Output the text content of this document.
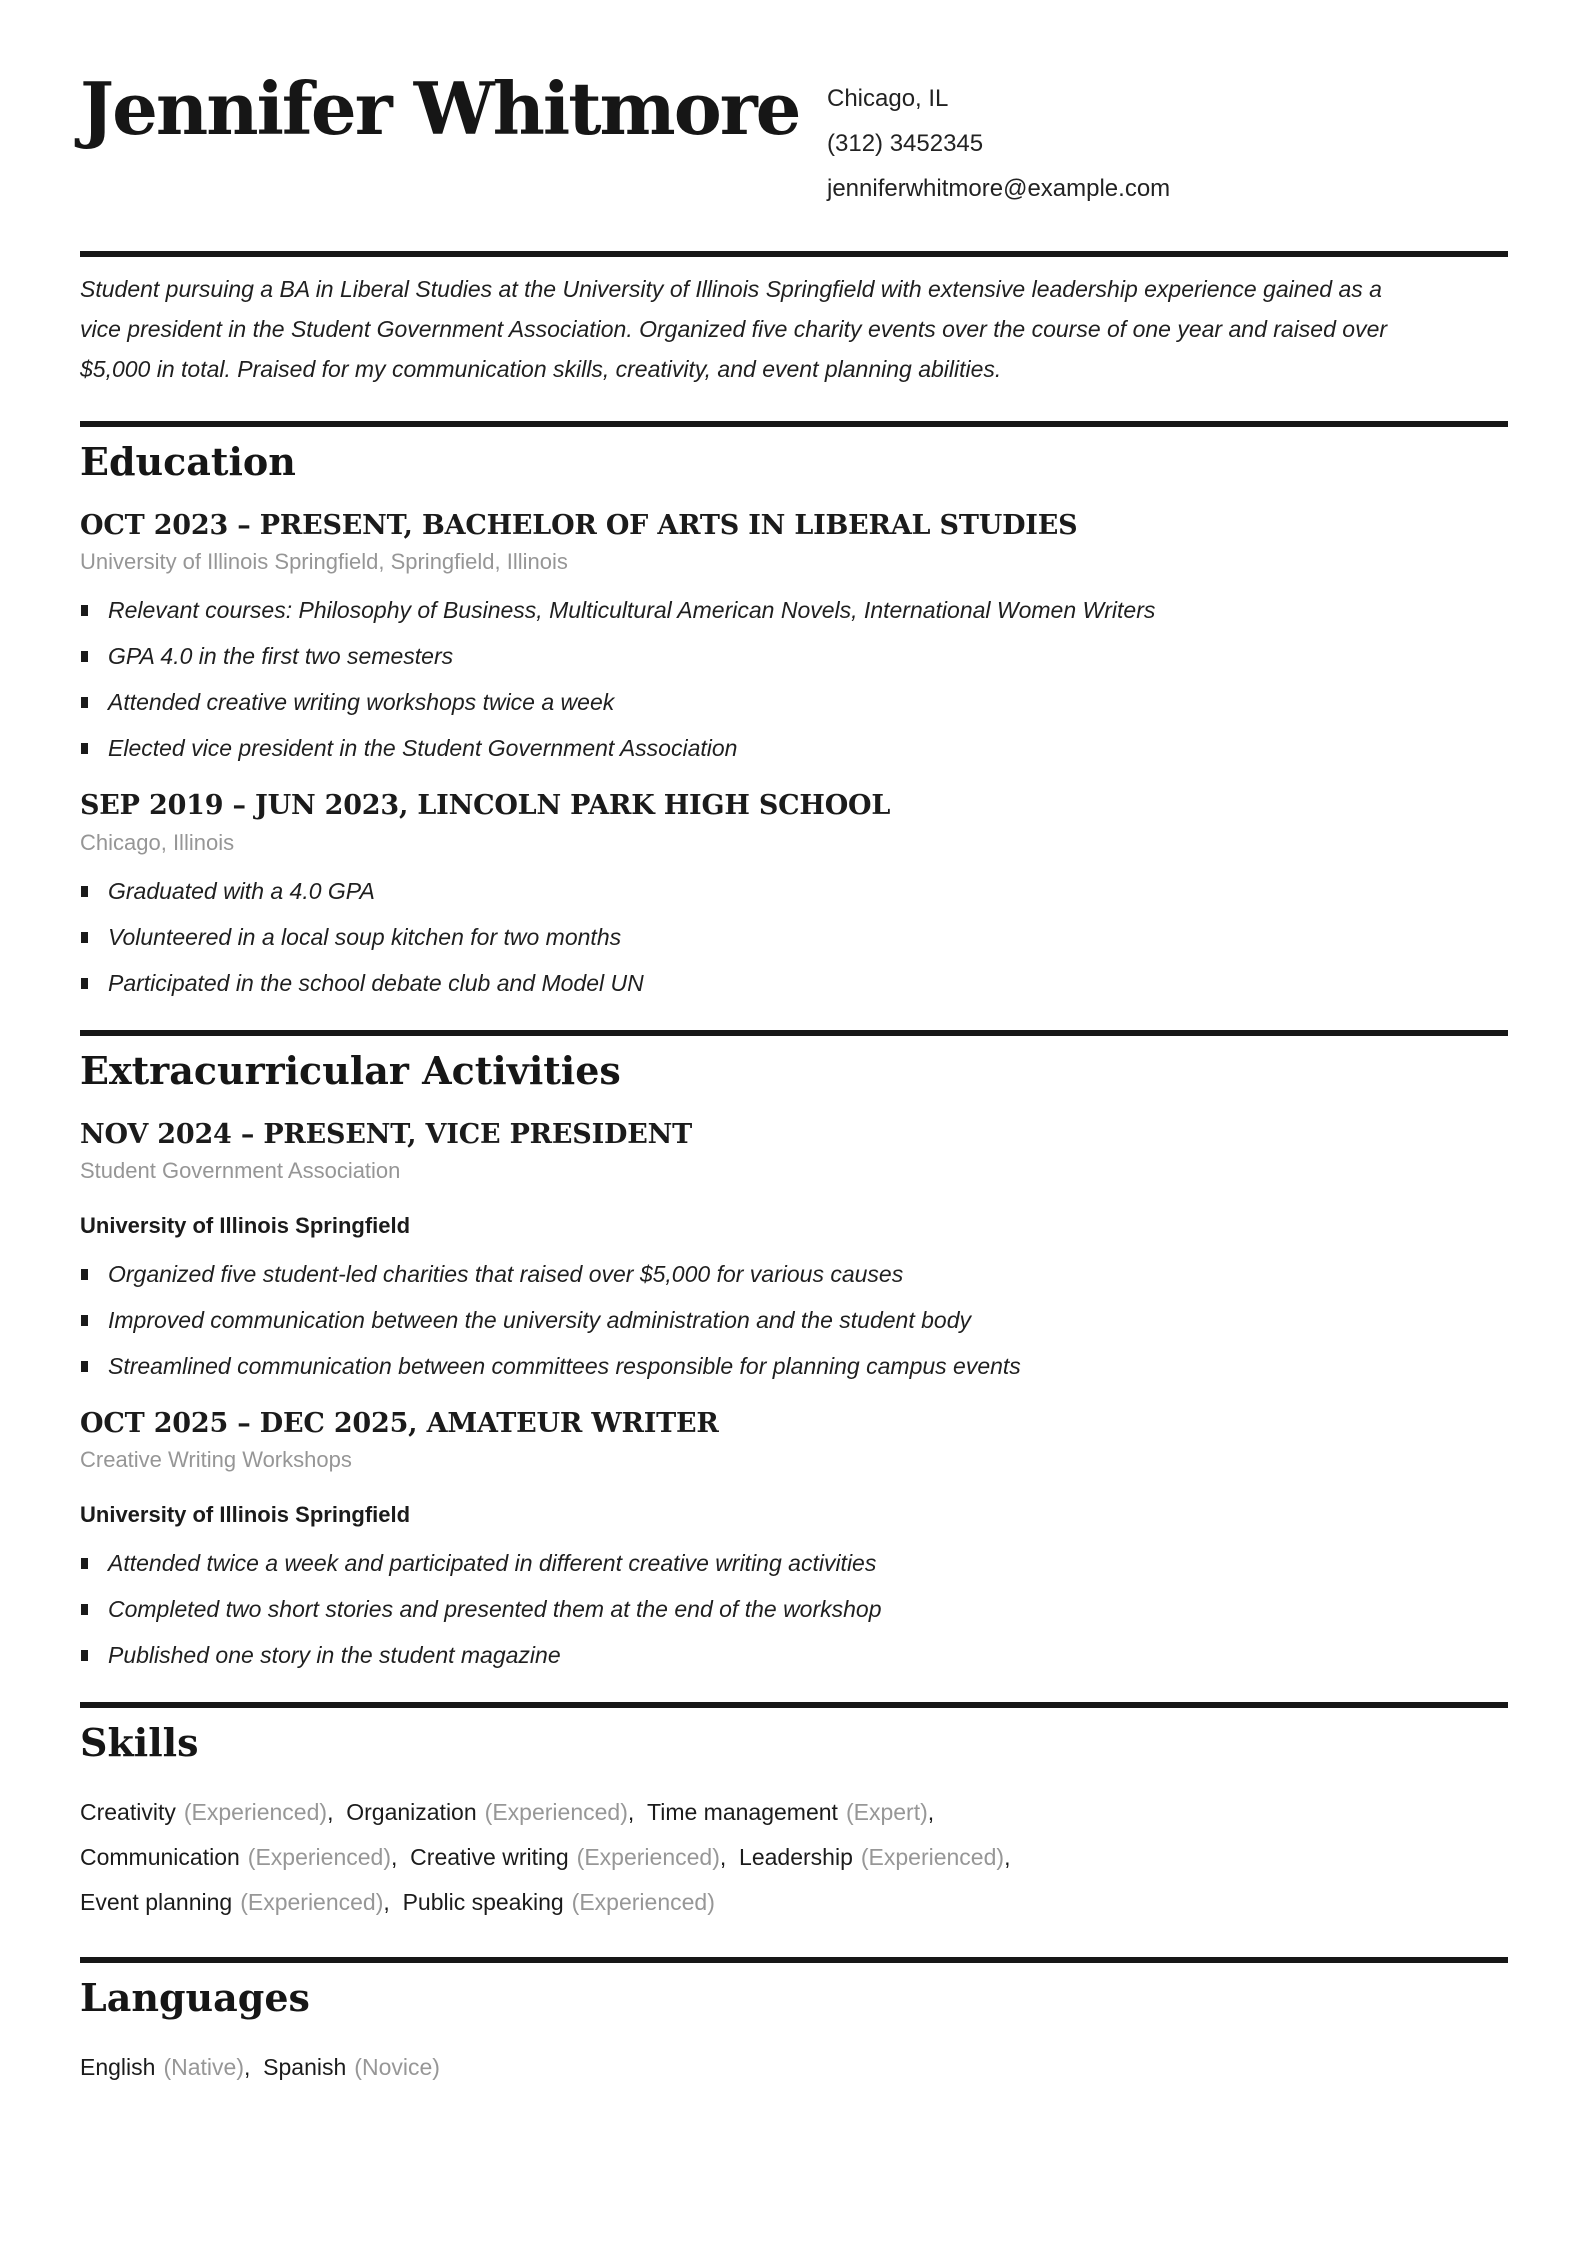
Jennifer Whitmore	Chicago, IL
(312) 3452345
jenniferwhitmore@example.com

Student pursuing a BA in Liberal Studies at the University of Illinois Springfield with extensive leadership experience gained as a vice president in the Student Government Association. Organized five charity events over the course of one year and raised over $5,000 in total. Praised for my communication skills, creativity, and event planning abilities.

Education
OCT 2023 – PRESENT, BACHELOR OF ARTS IN LIBERAL STUDIES

University of Illinois Springfield, Springfield, Illinois

Relevant courses: Philosophy of Business, Multicultural American Novels, International Women Writers
GPA 4.0 in the first two semesters
Attended creative writing workshops twice a week
Elected vice president in the Student Government Association
SEP 2019 – JUN 2023, LINCOLN PARK HIGH SCHOOL

Chicago, Illinois

Graduated with a 4.0 GPA
Volunteered in a local soup kitchen for two months
Participated in the school debate club and Model UN
Extracurricular Activities
NOV 2024 – PRESENT, VICE PRESIDENT

Student Government Association

University of Illinois Springfield

Organized five student-led charities that raised over $5,000 for various causes
Improved communication between the university administration and the student body
Streamlined communication between committees responsible for planning campus events
OCT 2025 – DEC 2025, AMATEUR WRITER

Creative Writing Workshops

University of Illinois Springfield

Attended twice a week and participated in different creative writing activities
Completed two short stories and presented them at the end of the workshop
Published one story in the student magazine
Skills
Creativity ( Experienced ) , Organization ( Experienced ) , Time management ( Expert ) ,  Communication ( Experienced ) , Creative writing ( Experienced ) , Leadership ( Experienced ) ,  Event planning ( Experienced ) , Public speaking ( Experienced )
Languages
English ( Native ) , Spanish ( Novice )
